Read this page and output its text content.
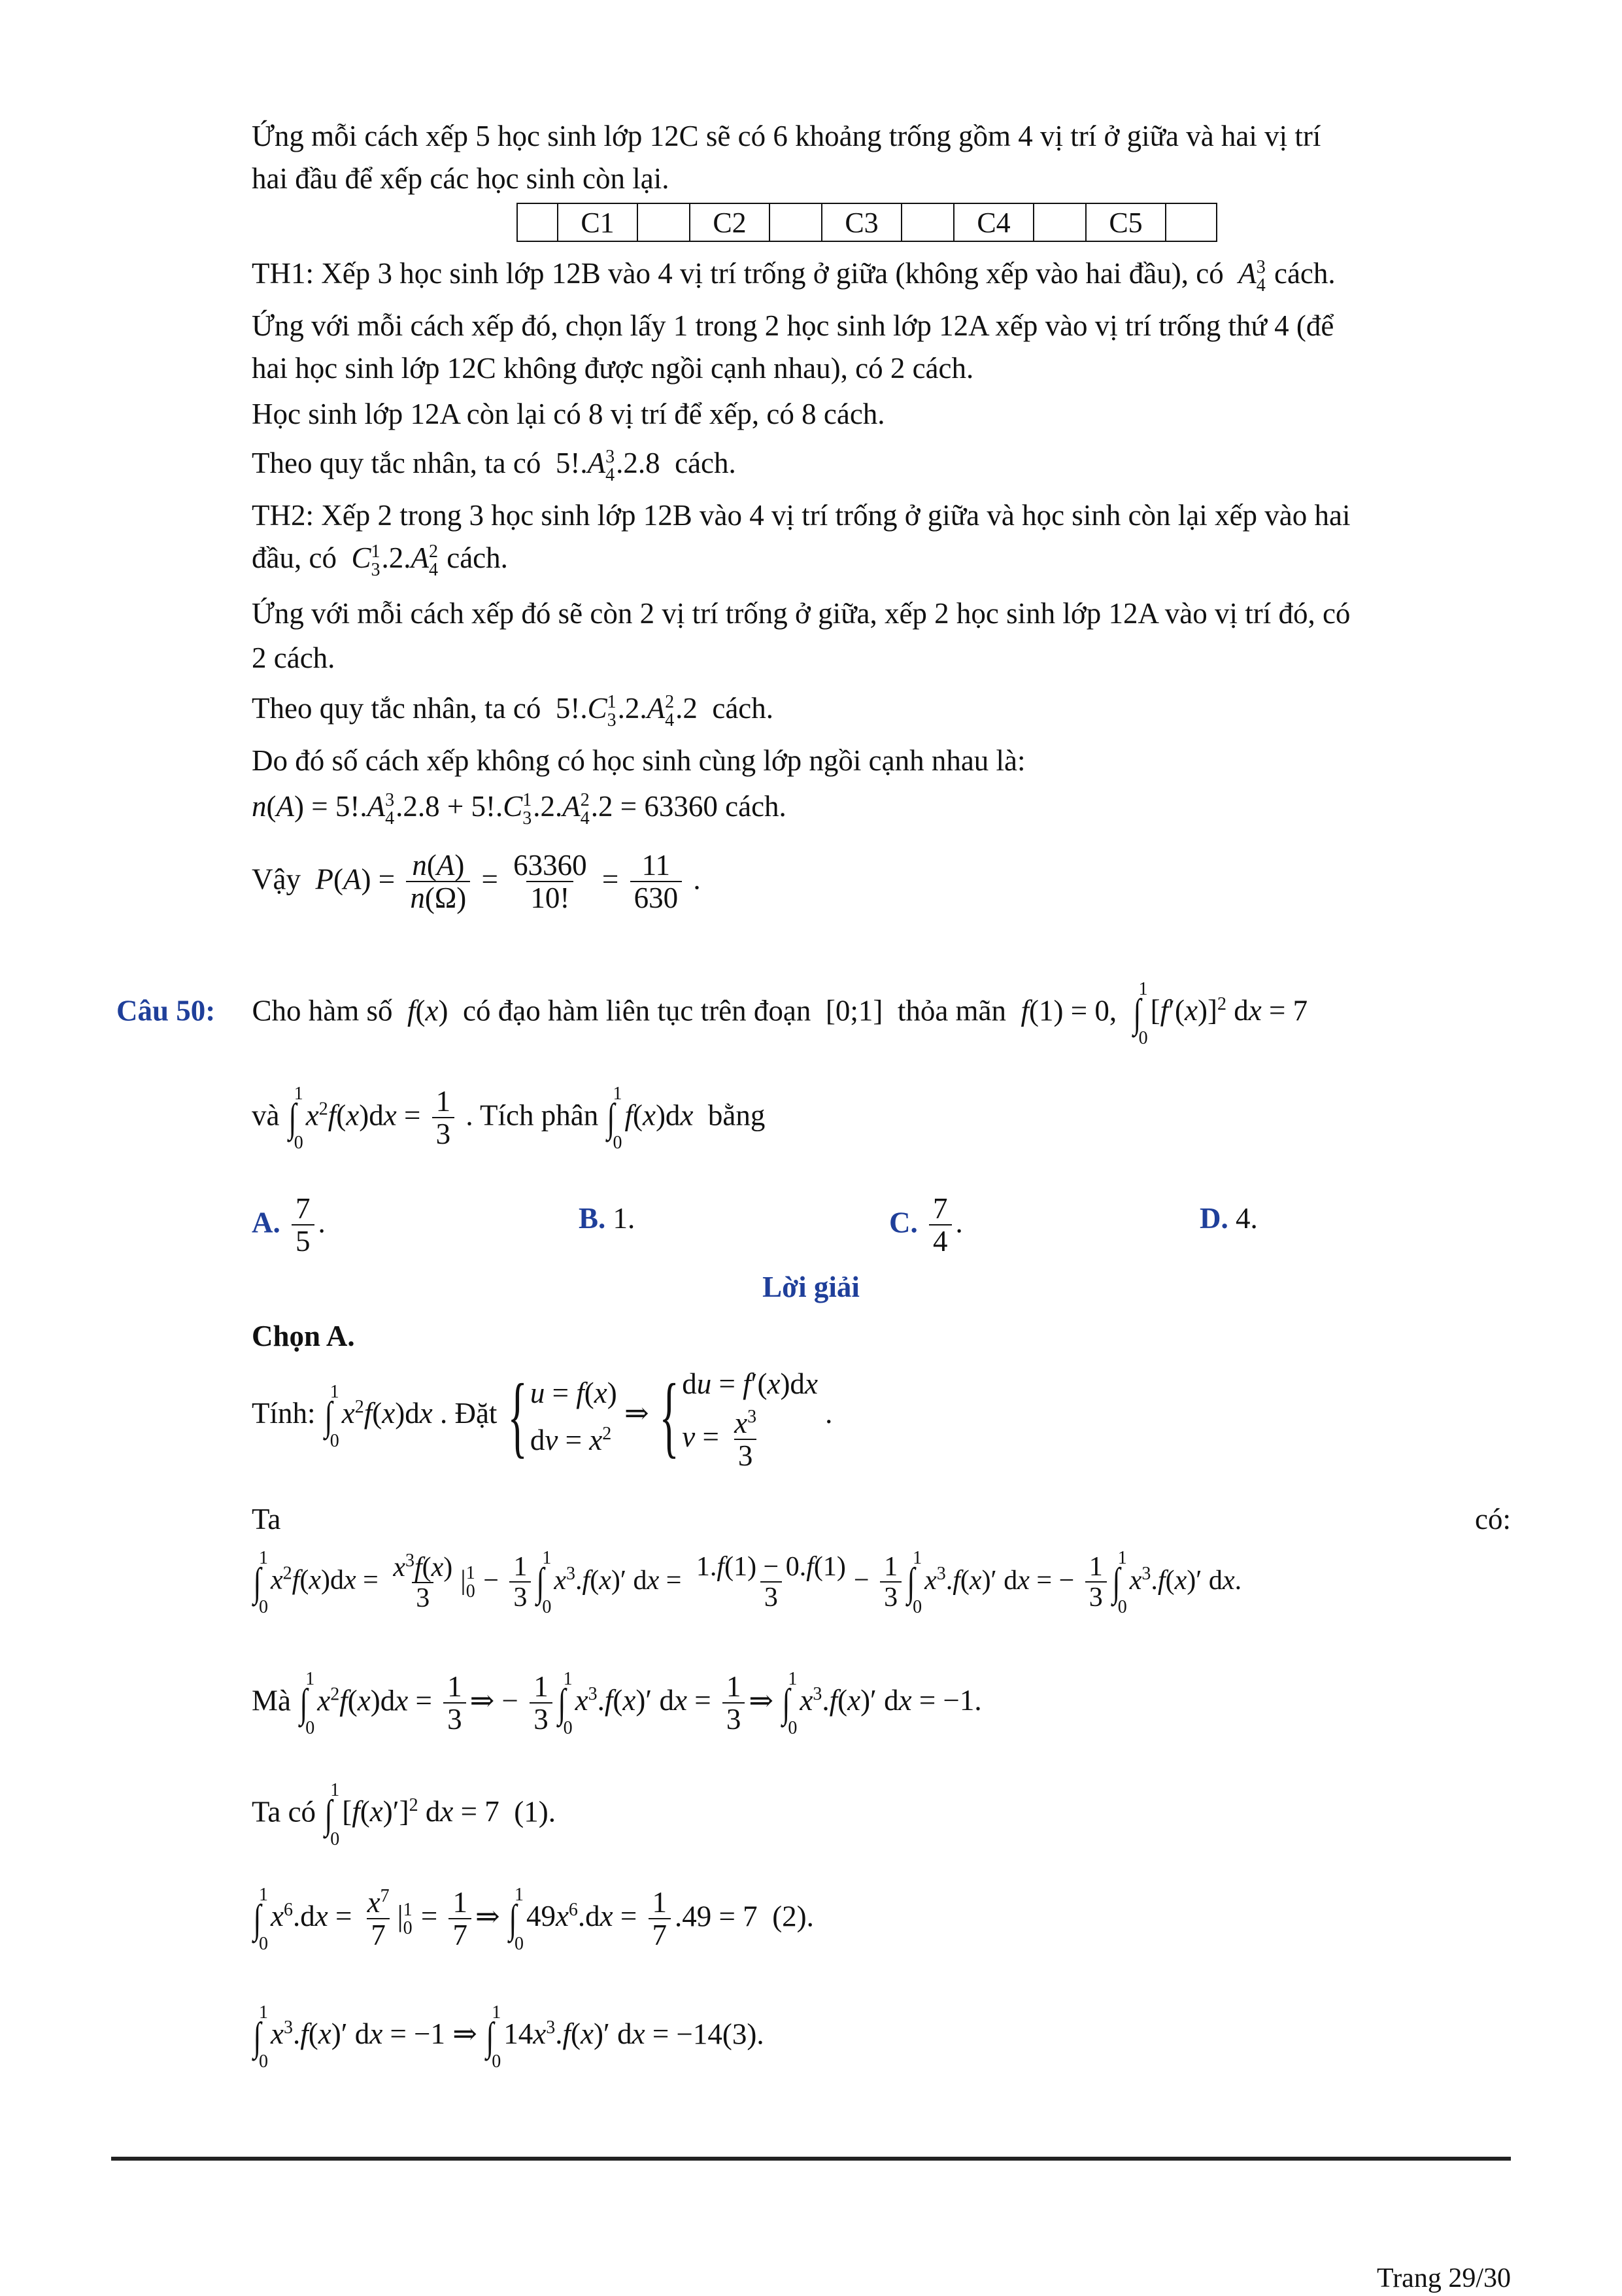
Ứng mỗi cách xếp 5 học sinh lớp 12C sẽ có 6 khoảng trống gồm 4 vị trí ở giữa và hai vị trí
hai đầu để xếp các học sinh còn lại.
	C1		C2		C3		C4		C5	
TH1: Xếp 3 học sinh lớp 12B vào 4 vị trí trống ở giữa (không xếp vào hai đầu), có  A 3
4 cách.
Ứng với mỗi cách xếp đó, chọn lấy 1 trong 2 học sinh lớp 12A xếp vào vị trí trống thứ 4 (để
hai học sinh lớp 12C không được ngồi cạnh nhau), có 2 cách.
Học sinh lớp 12A còn lại có 8 vị trí để xếp, có 8 cách.
Theo quy tắc nhân, ta có  5!.A 3
4 .2.8  cách.
TH2: Xếp 2 trong 3 học sinh lớp 12B vào 4 vị trí trống ở giữa và học sinh còn lại xếp vào hai
đầu, có  C 1
3 .2.A 2
4 cách.
Ứng với mỗi cách xếp đó sẽ còn 2 vị trí trống ở giữa, xếp 2 học sinh lớp 12A vào vị trí đó, có
2 cách.
Theo quy tắc nhân, ta có  5!.C 1
3 .2.A 2
4 .2  cách.
Do đó số cách xếp không có học sinh cùng lớp ngồi cạnh nhau là:
n(A) = 5!.A 3
4 .2.8 + 5!.C 1
3 .2.A 2
4 .2 = 63360 cách.
Vậy  $P(A) = \frac{n(A)}{n(\Omega)} = \frac{63360}{10!} = \frac{11}{630}$ .
Câu 50: Cho hàm số  f(x)  có đạo hàm liên tục trên đoạn  [0;1]  thỏa mãn  f(1) = 0, ∫
1
0
$[f'(x)]^2$ dx = 7
và ∫
1
0
$x^2f(x)dx = \frac{1}{3}$ . Tích phân ∫
1
0
f(x)dx bằng
A. $\frac{7}{5}$ .	B. 1.	C. $\frac{7}{4}$ .	D. 4.
Lời giải
Chọn A.
Tính: ∫
1
0
$x^2f(x)dx$ . Đặt { u = f(x)
dv = $x^2$
⇒ { du = f′(x)dx
$v = \frac{x^3}{3}$ .
Ta	có:
∫
1
0
$x^2f(x)dx = \frac{x^3f(x)}{3}$ | 1
$0 - \frac{1}{3}$ ∫
1
0
$x^3.f(x)'$ dx = $\frac{1.f(1) - 0.f(1)}{3} - \frac{1}{3}$ ∫
1
0
$x^3.f(x)'$ dx = − $\frac{1}{3}$ ∫
1
0
$x^3.f(x)'$ dx.
Mà ∫
1
0
$x^2f(x)dx = \frac{1}{3}$ ⇒ − $\frac{1}{3}$ ∫
1
0
$x^3.f(x)'$ dx = $\frac{1}{3}$ ⇒ ∫
1
0
$x^3.f(x)'$ dx = −1.
Ta có ∫
1
0
$[f(x)']^2$ dx = 7  (1).
∫
1
0
$x^6.dx = \frac{x^7}{7}$ | 1
$0 = \frac{1}{7}$ ⇒ ∫
1
0
$49x^6.dx = \frac{1}{7} .49 = 7$  (2).
∫
1
0
$x^3.f(x)'$ dx = −1 ⇒ ∫
1
0
$14x^3.f(x)'$ dx = −14(3).
Trang 29/30
